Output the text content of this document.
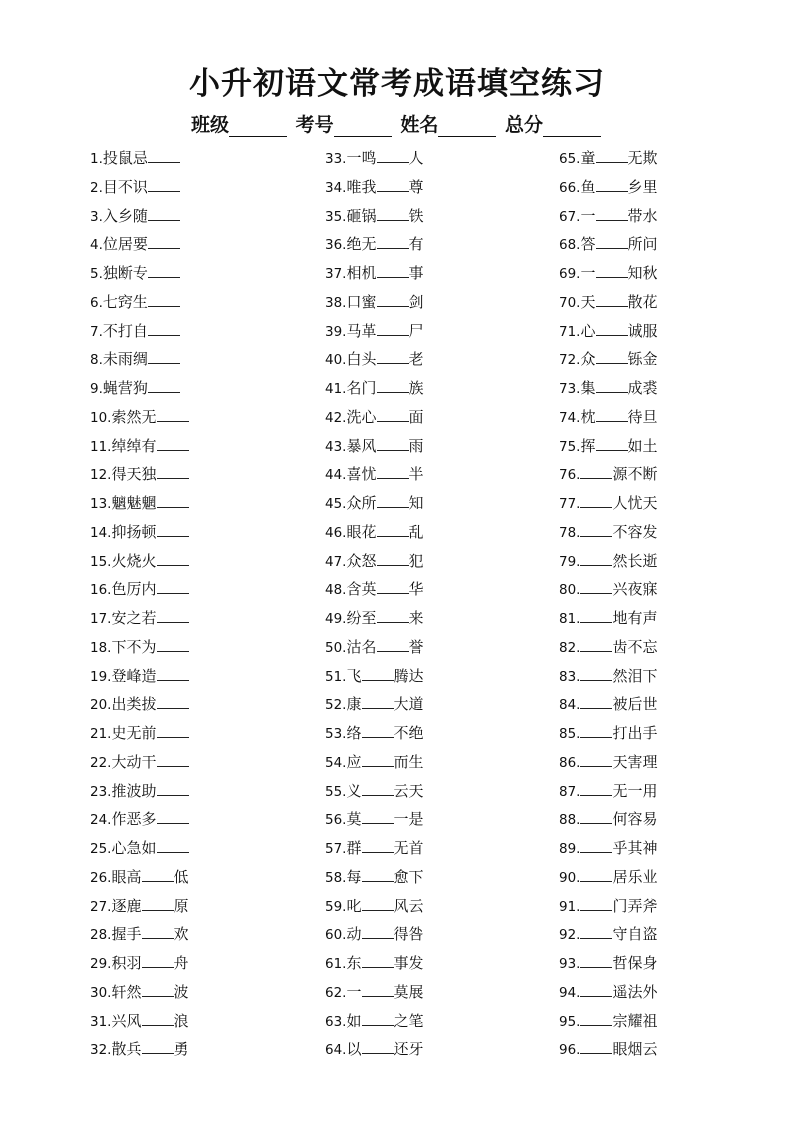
小升初语文常考成语填空练习
班级	考号	姓名	总分
1.投鼠忌
2.目不识
3.入乡随
4.位居要
5.独断专
6.七窍生
7.不打自
8.未雨绸
9.蝇营狗
10.索然无
11.绰绰有
12.得天独
13.魑魅魍
14.抑扬顿
15.火烧火
16.色厉内
17.安之若
18.下不为
19.登峰造
20.出类拔
21.史无前
22.大动干
23.推波助
24.作恶多
25.心急如
26.眼高 低
27.逐鹿 原
28.握手 欢
29.积羽 舟
30.轩然 波
31.兴风 浪
32.散兵 勇
33.一鸣 人
34.唯我 尊
35.砸锅 铁
36.绝无 有
37.相机 事
38.口蜜 剑
39.马革 尸
40.白头 老
41.名门 族
42.洗心 面
43.暴风 雨
44.喜忧 半
45.众所 知
46.眼花 乱
47.众怒 犯
48.含英 华
49.纷至 来
50.沽名 誉
51.飞 腾达
52.康 大道
53.络 不绝
54.应 而生
55.义 云天
56.莫 一是
57.群 无首
58.每 愈下
59.叱 风云
60.动 得咎
61.东 事发
62.一 莫展
63.如 之笔
64.以 还牙
65.童 无欺
66.鱼 乡里
67.一 带水
68.答 所问
69.一 知秋
70.天 散花
71.心 诚服
72.众 铄金
73.集 成裘
74.枕 待旦
75.挥 如土
76. 源不断
77. 人忧天
78. 不容发
79. 然长逝
80. 兴夜寐
81. 地有声
82. 齿不忘
83. 然泪下
84. 被后世
85. 打出手
86. 天害理
87. 无一用
88. 何容易
89. 乎其神
90. 居乐业
91. 门弄斧
92. 守自盗
93. 哲保身
94. 遥法外
95. 宗耀祖
96. 眼烟云
